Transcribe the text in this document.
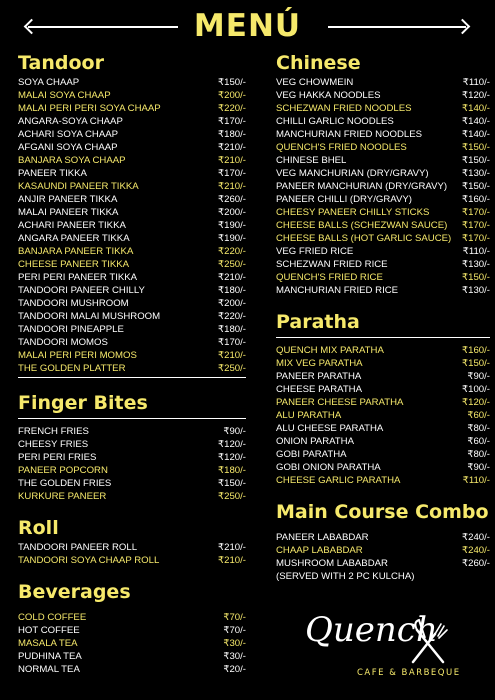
MENÚ
Tandoor
SOYA CHAAP	₹150/-
MALAI SOYA CHAAP	₹200/-
MALAI PERI PERI SOYA CHAAP	₹220/-
ANGARA-SOYA CHAAP	₹170/-
ACHARI SOYA CHAAP	₹180/-
AFGANI SOYA CHAAP	₹210/-
BANJARA SOYA CHAAP	₹210/-
PANEER TIKKA	₹170/-
KASAUNDI PANEER TIKKA	₹210/-
ANJIR PANEER TIKKA	₹260/-
MALAI PANEER TIKKA	₹200/-
ACHARI PANEER TIKKA	₹190/-
ANGARA PANEER TIKKA	₹190/-
BANJARA PANEER TIKKA	₹220/-
CHEESE PANEER TIKKA	₹250/-
PERI PERI PANEER TIKKA	₹210/-
TANDOORI PANEER CHILLY	₹180/-
TANDOORI MUSHROOM	₹200/-
TANDOORI MALAI MUSHROOM	₹220/-
TANDOORI PINEAPPLE	₹180/-
TANDOORI MOMOS	₹170/-
MALAI PERI PERI MOMOS	₹210/-
THE GOLDEN PLATTER	₹250/-
Finger Bites
FRENCH FRIES	₹90/-
CHEESY FRIES	₹120/-
PERI PERI FRIES	₹120/-
PANEER POPCORN	₹180/-
THE GOLDEN FRIES	₹150/-
KURKURE PANEER	₹250/-
Roll
TANDOORI PANEER ROLL	₹210/-
TANDOORI SOYA CHAAP ROLL	₹210/-
Beverages
COLD COFFEE	₹70/-
HOT COFFEE	₹70/-
MASALA TEA	₹30/-
PUDHINA TEA	₹30/-
NORMAL TEA	₹20/-
Chinese
VEG CHOWMEIN	₹110/-
VEG HAKKA NOODLES	₹120/-
SCHEZWAN FRIED NOODLES	₹140/-
CHILLI GARLIC NOODLES	₹140/-
MANCHURIAN FRIED NOODLES	₹140/-
QUENCH'S FRIED NOODLES	₹150/-
CHINESE BHEL	₹150/-
VEG MANCHURIAN (DRY/GRAVY)	₹130/-
PANEER MANCHURIAN (DRY/GRAVY) ₹150/-
PANEER CHILLI (DRY/GRAVY)	₹160/-
CHEESY PANEER CHILLY STICKS	₹170/-
CHEESE BALLS (SCHEZWAN SAUCE) ₹170/-
CHEESE BALLS (HOT GARLIC SAUCE) ₹170/-
VEG FRIED RICE	₹110/-
SCHEZWAN FRIED RICE	₹130/-
QUENCH'S FRIED RICE	₹150/-
MANCHURIAN FRIED RICE	₹130/-
Paratha
QUENCH MIX PARATHA	₹160/-
MIX VEG PARATHA	₹150/-
PANEER PARATHA	₹90/-
CHEESE PARATHA	₹100/-
PANEER CHEESE PARATHA	₹120/-
ALU PARATHA	₹60/-
ALU CHEESE PARATHA	₹80/-
ONION PARATHA	₹60/-
GOBI PARATHA	₹80/-
GOBI ONION PARATHA	₹90/-
CHEESE GARLIC PARATHA	₹110/-
Main Course Combo
PANEER LABABDAR	₹240/-
CHAAP LABABDAR	₹240/-
MUSHROOM LABABDAR	₹260/-
(SERVED WITH 2 PC KULCHA)
Quench
CAFE & BARBEQUE
